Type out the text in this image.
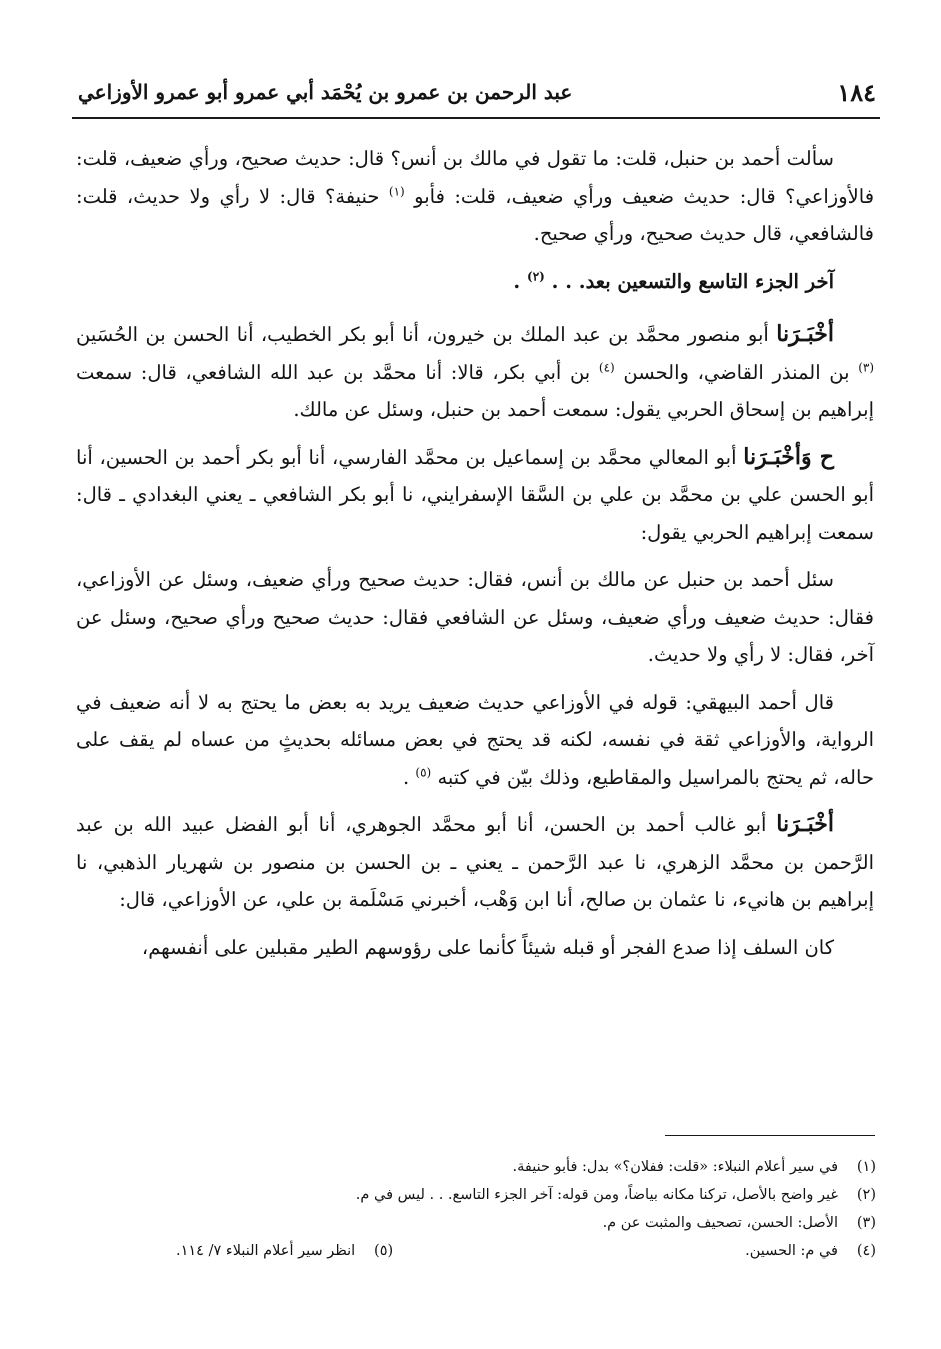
١٨٤
عبد الرحمن بن عمرو بن يُحْمَد أبي عمرو أبو عمرو الأوزاعي

سألت أحمد بن حنبل، قلت: ما تقول في مالك بن أنس؟ قال: حديث صحيح، ورأي ضعيف، قلت: فالأوزاعي؟ قال: حديث ضعيف ورأي ضعيف، قلت: فأبو $^{(١)}$ حنيفة؟ قال: لا رأي ولا حديث، قلت: فالشافعي، قال حديث صحيح، ورأي صحيح.

آخر الجزء التاسع والتسعين بعد. . . $^{(٢)}$ .

أخْبَـرَنا أبو منصور محمَّد بن عبد الملك بن خيرون، أنا أبو بكر الخطيب، أنا الحسن بن الحُسَين $^{(٣)}$ بن المنذر القاضي، والحسن $^{(٤)}$ بن أبي بكر، قالا: أنا محمَّد بن عبد الله الشافعي، قال: سمعت إبراهيم بن إسحاق الحربي يقول: سمعت أحمد بن حنبل، وسئل عن مالك.

ح وَأخْبَـرَنا أبو المعالي محمَّد بن إسماعيل بن محمَّد الفارسي، أنا أبو بكر أحمد بن الحسين، أنا أبو الحسن علي بن محمَّد بن علي بن السَّقا الإسفرايني، نا أبو بكر الشافعي ـ يعني البغدادي ـ قال: سمعت إبراهيم الحربي يقول:

سئل أحمد بن حنبل عن مالك بن أنس، فقال: حديث صحيح ورأي ضعيف، وسئل عن الأوزاعي، فقال: حديث ضعيف ورأي ضعيف، وسئل عن الشافعي فقال: حديث صحيح ورأي صحيح، وسئل عن آخر، فقال: لا رأي ولا حديث.

قال أحمد البيهقي: قوله في الأوزاعي حديث ضعيف يريد به بعض ما يحتج به لا أنه ضعيف في الرواية، والأوزاعي ثقة في نفسه، لكنه قد يحتج في بعض مسائله بحديثٍ من عساه لم يقف على حاله، ثم يحتج بالمراسيل والمقاطيع، وذلك بيّن في كتبه $^{(٥)}$ .

أخْبَـرَنا أبو غالب أحمد بن الحسن، أنا أبو محمَّد الجوهري، أنا أبو الفضل عبيد الله بن عبد الرَّحمن بن محمَّد الزهري، نا عبد الرَّحمن ـ يعني ـ بن الحسن بن منصور بن شهريار الذهبي، نا إبراهيم بن هانيء، نا عثمان بن صالح، أنا ابن وَهْب، أخبرني مَسْلَمة بن علي، عن الأوزاعي، قال:

كان السلف إذا صدع الفجر أو قبله شيئاً كأنما على رؤوسهم الطير مقبلين على أنفسهم،

(١)
في سير أعلام النبلاء: «قلت: ففلان؟» بدل: فأبو حنيفة.
(٢)
غير واضح بالأصل، تركنا مكانه بياضاً، ومن قوله: آخر الجزء التاسع. . . ليس في م.
(٣)
الأصل: الحسن، تصحيف والمثبت عن م.
(٤)
في م: الحسين.
(٥)
انظر سير أعلام النبلاء ٧/ ١١٤.
